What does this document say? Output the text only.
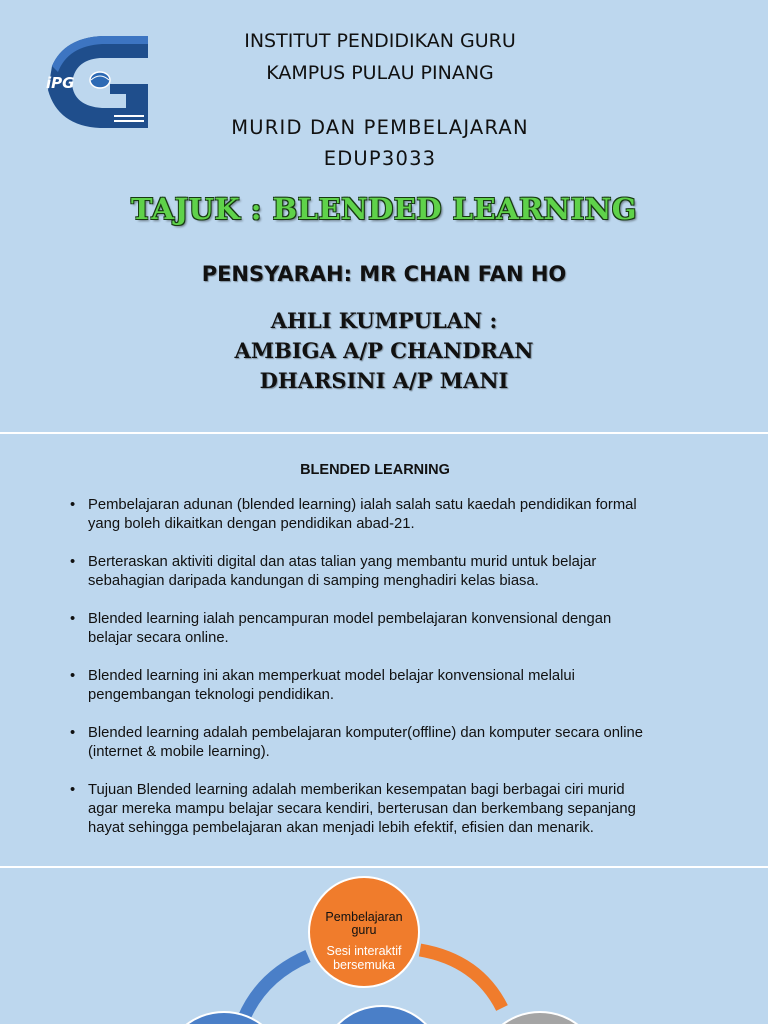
iPG
INSTITUT PENDIDIKAN GURU
KAMPUS PULAU PINANG
MURID DAN PEMBELAJARAN
EDUP3033
TAJUK : BLENDED LEARNING
PENSYARAH: MR CHAN FAN HO
AHLI KUMPULAN :
AMBIGA A/P CHANDRAN
DHARSINI A/P MANI
BLENDED LEARNING
• Pembelajaran adunan (blended learning) ialah salah satu kaedah pendidikan formal
yang boleh dikaitkan dengan pendidikan abad-21.
• Berteraskan aktiviti digital dan atas talian yang membantu murid untuk belajar
sebahagian daripada kandungan di samping menghadiri kelas biasa.
• Blended learning ialah pencampuran model pembelajaran konvensional dengan
belajar secara online.
• Blended learning ini akan memperkuat model belajar konvensional melalui
pengembangan teknologi pendidikan.
• Blended learning adalah pembelajaran komputer(offline) dan komputer secara online
(internet & mobile learning).
• Tujuan Blended learning adalah memberikan kesempatan bagi berbagai ciri murid
agar mereka mampu belajar secara kendiri, berterusan dan berkembang sepanjang
hayat sehingga pembelajaran akan menjadi lebih efektif, efisien dan menarik.
Pembelajaran
guru
Sesi interaktif
bersemuka
